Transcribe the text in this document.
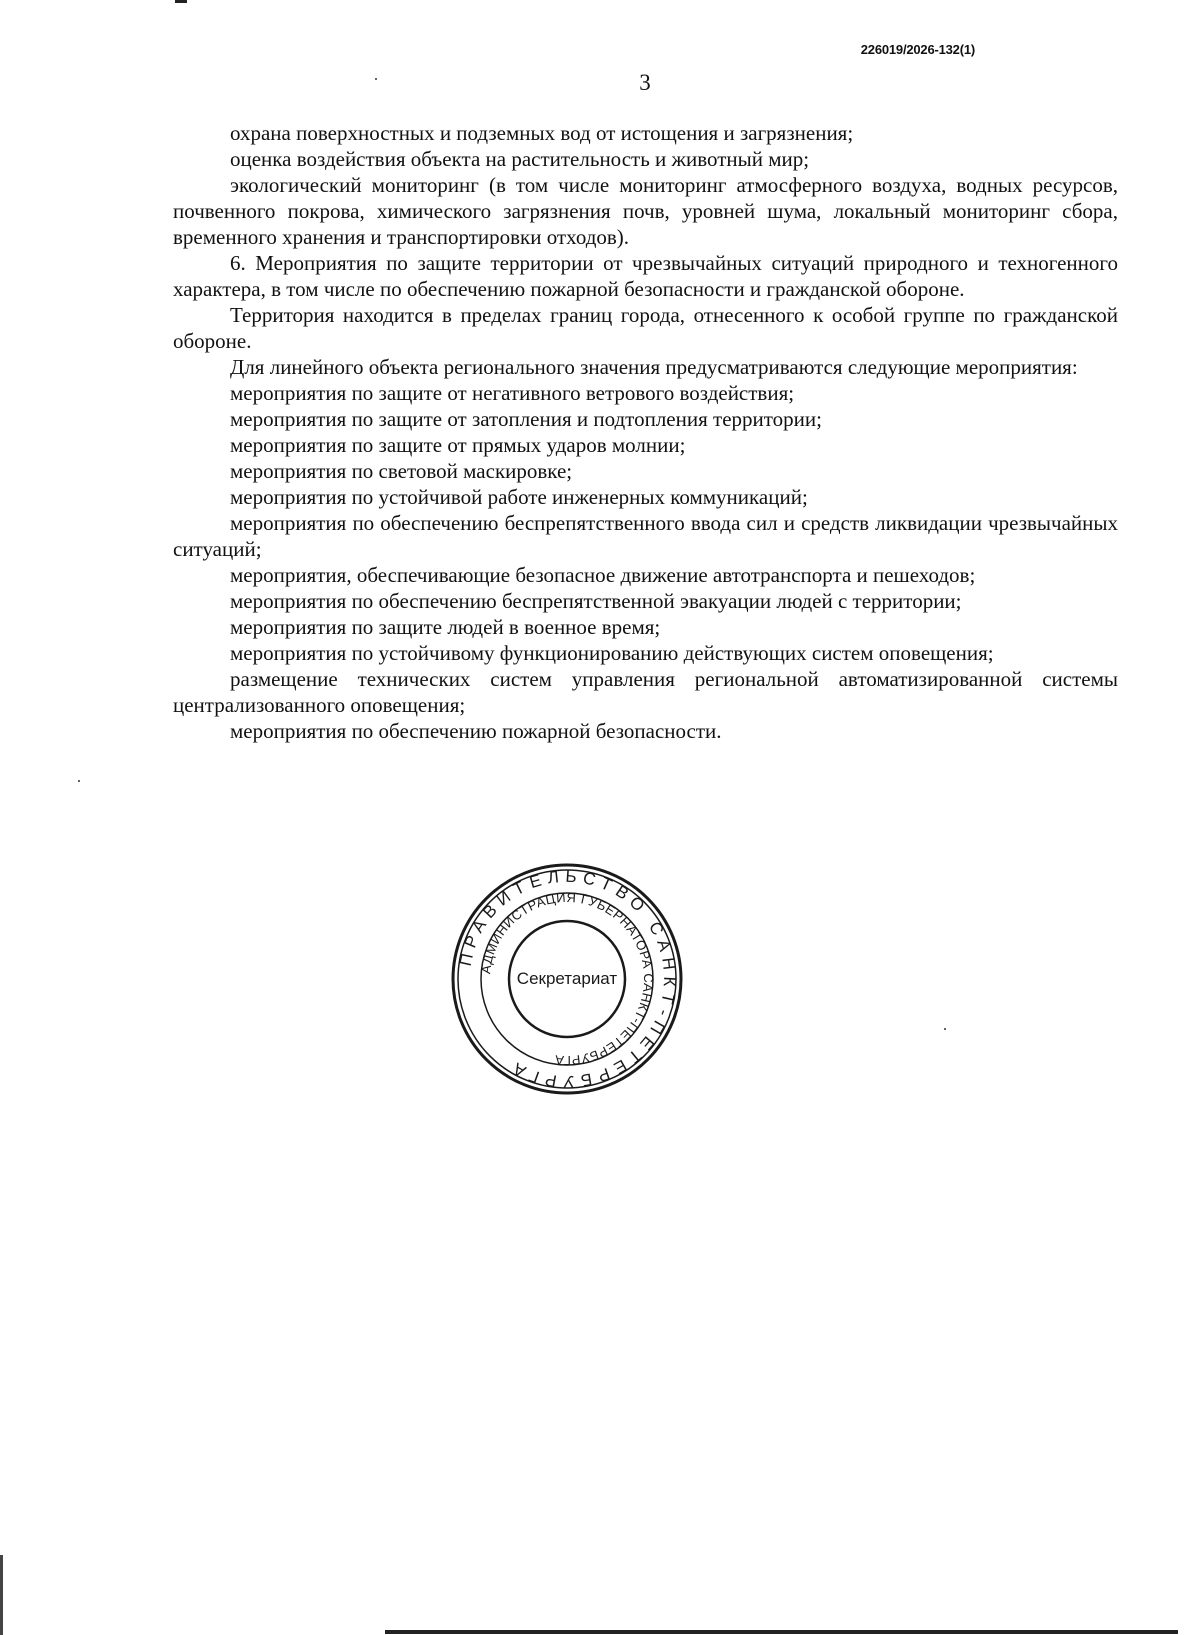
226019/2026-132(1)
3

охрана поверхностных и подземных вод от истощения и загрязнения;

оценка воздействия объекта на растительность и животный мир;

экологический мониторинг (в том числе мониторинг атмосферного воздуха, водных ресурсов, почвенного покрова, химического загрязнения почв, уровней шума, локальный мониторинг сбора, временного хранения и транспортировки отходов).

6. Мероприятия по защите территории от чрезвычайных ситуаций природного и техногенного характера, в том числе по обеспечению пожарной безопасности и гражданской обороне.

Территория находится в пределах границ города, отнесенного к особой группе по гражданской обороне.

Для линейного объекта регионального значения предусматриваются следующие мероприятия:

мероприятия по защите от негативного ветрового воздействия;

мероприятия по защите от затопления и подтопления территории;

мероприятия по защите от прямых ударов молнии;

мероприятия по световой маскировке;

мероприятия по устойчивой работе инженерных коммуникаций;

мероприятия по обеспечению беспрепятственного ввода сил и средств ликвидации чрезвычайных ситуаций;

мероприятия, обеспечивающие безопасное движение автотранспорта и пешеходов;

мероприятия по обеспечению беспрепятственной эвакуации людей с территории;

мероприятия по защите людей в военное время;

мероприятия по устойчивому функционированию действующих систем оповещения;

размещение технических систем управления региональной автоматизированной системы централизованного оповещения;

мероприятия по обеспечению пожарной безопасности.

ПРАВИТЕЛЬСТВО САНКТ-ПЕТЕРБУРГА
АДМИНИСТРАЦИЯ ГУБЕРНАТОРА САНКТ-ПЕТЕРБУРГА
Секретариат
